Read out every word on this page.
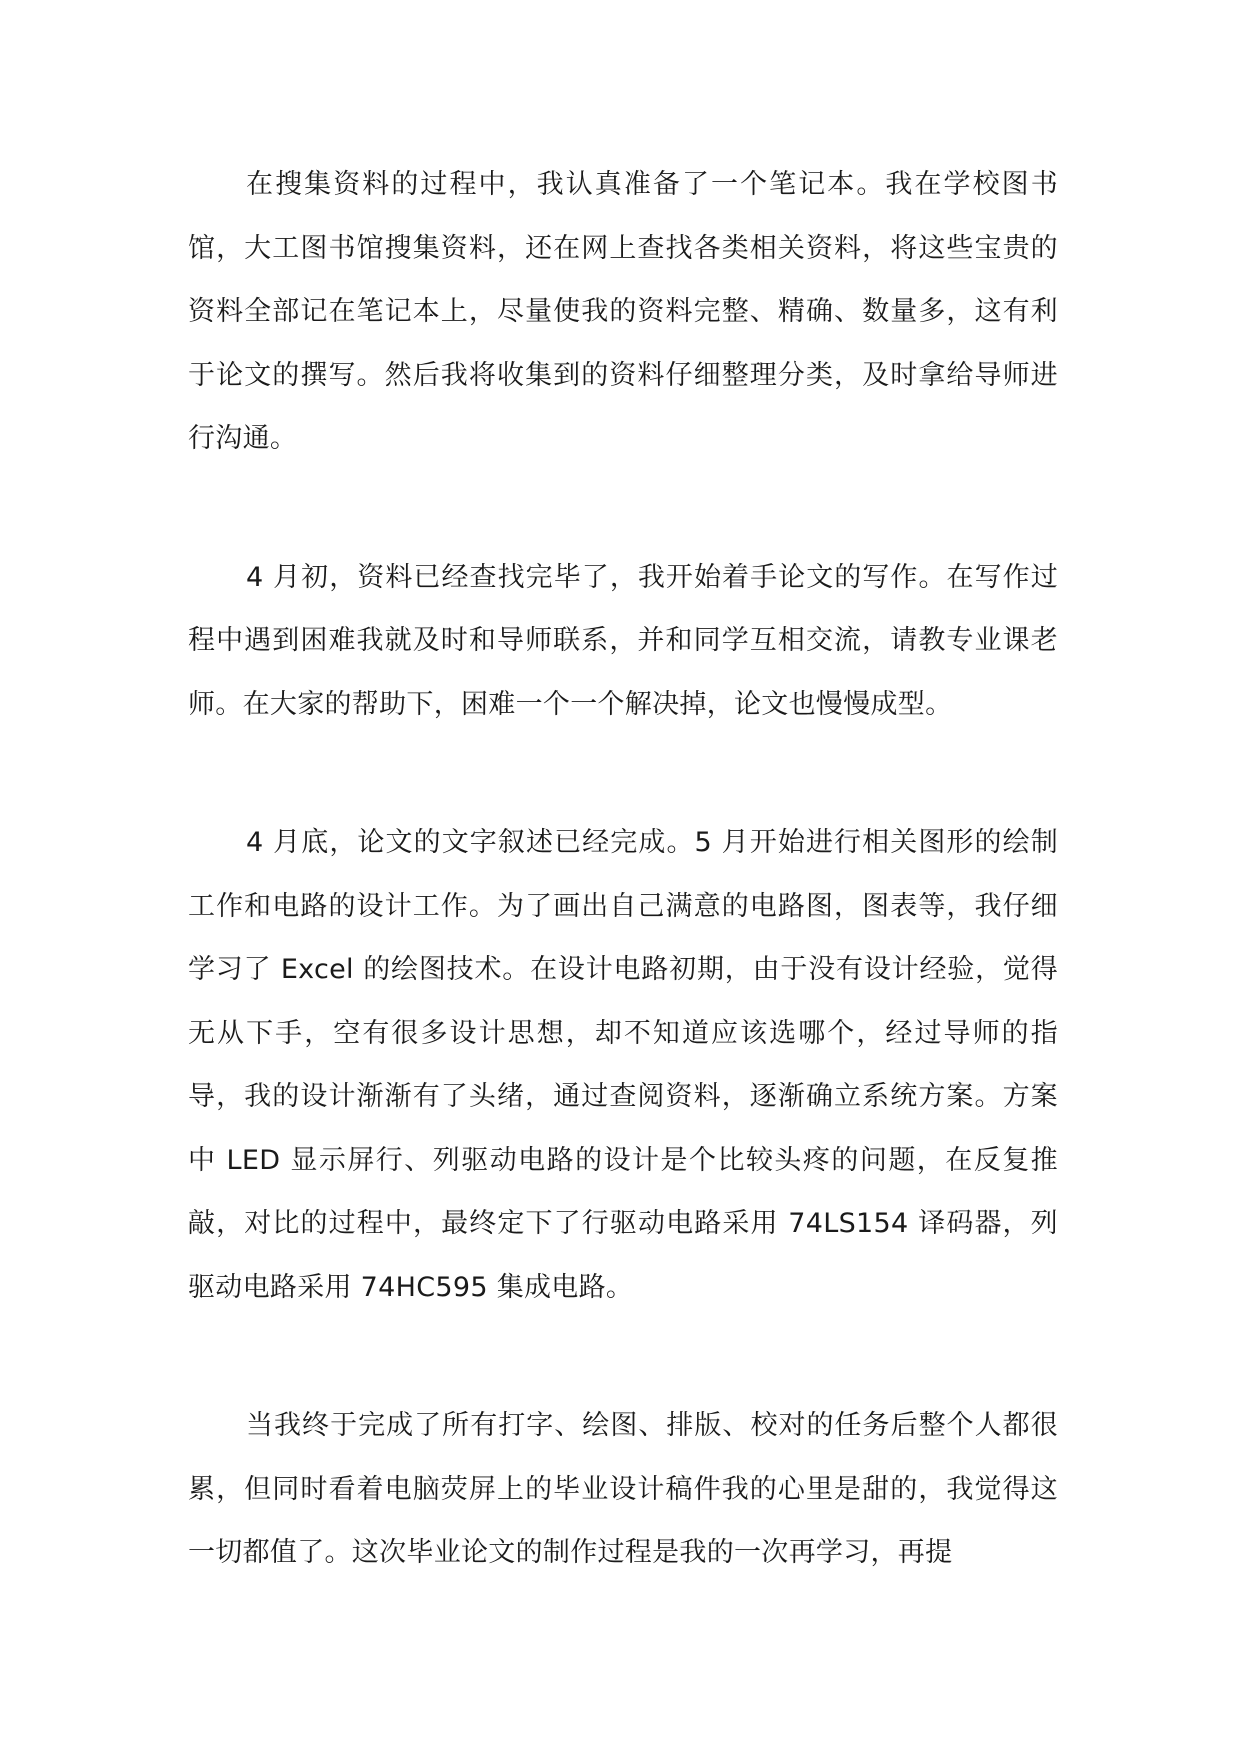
在搜集资料的过程中，我认真准备了一个笔记本。我在学校图书馆，大工图书馆搜集资料，还在网上查找各类相关资料，将这些宝贵的资料全部记在笔记本上，尽量使我的资料完整、精确、数量多，这有利于论文的撰写。然后我将收集到的资料仔细整理分类，及时拿给导师进行沟通。

4 月初，资料已经查找完毕了，我开始着手论文的写作。在写作过程中遇到困难我就及时和导师联系，并和同学互相交流，请教专业课老师。在大家的帮助下，困难一个一个解决掉，论文也慢慢成型。

4 月底，论文的文字叙述已经完成。5 月开始进行相关图形的绘制工作和电路的设计工作。为了画出自己满意的电路图，图表等，我仔细学习了 Excel 的绘图技术。在设计电路初期，由于没有设计经验，觉得无从下手，空有很多设计思想，却不知道应该选哪个，经过导师的指导，我的设计渐渐有了头绪，通过查阅资料，逐渐确立系统方案。方案中 LED 显示屏行、列驱动电路的设计是个比较头疼的问题，在反复推敲，对比的过程中，最终定下了行驱动电路采用 74LS154 译码器，列驱动电路采用 74HC595 集成电路。

当我终于完成了所有打字、绘图、排版、校对的任务后整个人都很累，但同时看着电脑荧屏上的毕业设计稿件我的心里是甜的，我觉得这一切都值了。这次毕业论文的制作过程是我的一次再学习，再提
